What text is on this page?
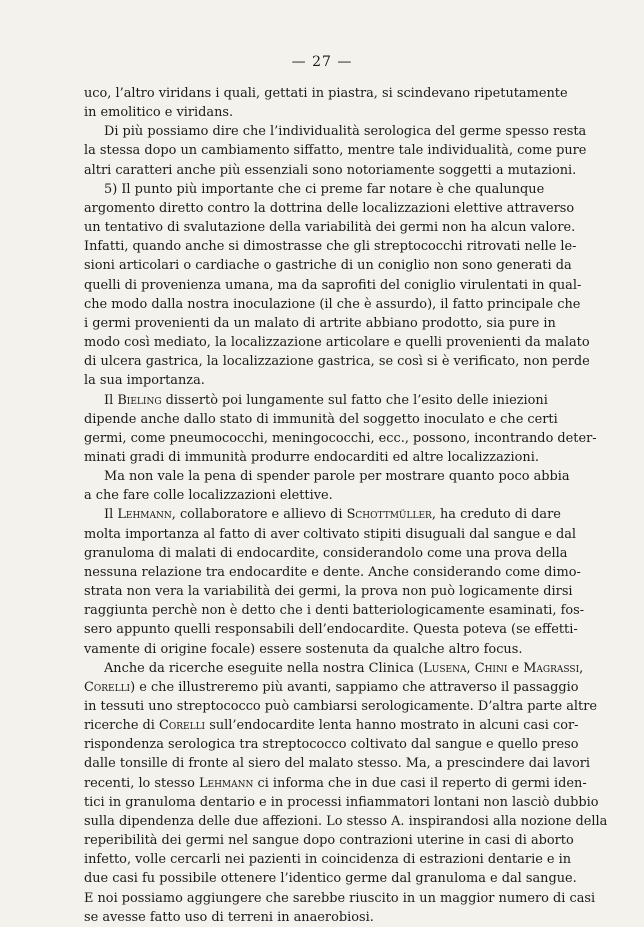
— 27 —
uco, l’altro viridans i quali, gettati in piastra, si scindevano ripetutamente
in emolitico e viridans.
Di più possiamo dire che l’individualità serologica del germe spesso resta
la stessa dopo un cambiamento siffatto, mentre tale individualità, come pure
altri caratteri anche più essenziali sono notoriamente soggetti a mutazioni.
5) Il punto più importante che ci preme far notare è che qualunque
argomento diretto contro la dottrina delle localizzazioni elettive attraverso
un tentativo di svalutazione della variabilità dei germi non ha alcun valore.
Infatti, quando anche si dimostrasse che gli streptococchi ritrovati nelle le-
sioni articolari o cardiache o gastriche di un coniglio non sono generati da
quelli di provenienza umana, ma da saprofiti del coniglio virulentati in qual-
che modo dalla nostra inoculazione (il che è assurdo), il fatto principale che
i germi provenienti da un malato di artrite abbiano prodotto, sia pure in
modo così mediato, la localizzazione articolare e quelli provenienti da malato
di ulcera gastrica, la localizzazione gastrica, se così si è verificato, non perde
la sua importanza.
Il Bieling dissertò poi lungamente sul fatto che l’esito delle iniezioni
dipende anche dallo stato di immunità del soggetto inoculato e che certi
germi, come pneumococchi, meningococchi, ecc., possono, incontrando deter-
minati gradi di immunità produrre endocarditi ed altre localizzazioni.
Ma non vale la pena di spender parole per mostrare quanto poco abbia
a che fare colle localizzazioni elettive.
Il Lehmann, collaboratore e allievo di Schottmüller, ha creduto di dare
molta importanza al fatto di aver coltivato stipiti disuguali dal sangue e dal
granuloma di malati di endocardite, considerandolo come una prova della
nessuna relazione tra endocardite e dente. Anche considerando come dimo-
strata non vera la variabilità dei germi, la prova non può logicamente dirsi
raggiunta perchè non è detto che i denti batteriologicamente esaminati, fos-
sero appunto quelli responsabili dell’endocardite. Questa poteva (se effetti-
vamente di origine focale) essere sostenuta da qualche altro focus.
Anche da ricerche eseguite nella nostra Clinica (Lusena, Chini e Magrassi,
Corelli) e che illustreremo più avanti, sappiamo che attraverso il passaggio
in tessuti uno streptococco può cambiarsi serologicamente. D’altra parte altre
ricerche di Corelli sull’endocardite lenta hanno mostrato in alcuni casi cor-
rispondenza serologica tra streptococco coltivato dal sangue e quello preso
dalle tonsille di fronte al siero del malato stesso. Ma, a prescindere dai lavori
recenti, lo stesso Lehmann ci informa che in due casi il reperto di germi iden-
tici in granuloma dentario e in processi infiammatori lontani non lasciò dubbio
sulla dipendenza delle due affezioni. Lo stesso A. inspirandosi alla nozione della
reperibilità dei germi nel sangue dopo contrazioni uterine in casi di aborto
infetto, volle cercarli nei pazienti in coincidenza di estrazioni dentarie e in
due casi fu possibile ottenere l’identico germe dal granuloma e dal sangue.
E noi possiamo aggiungere che sarebbe riuscito in un maggior numero di casi
se avesse fatto uso di terreni in anaerobiosi.
